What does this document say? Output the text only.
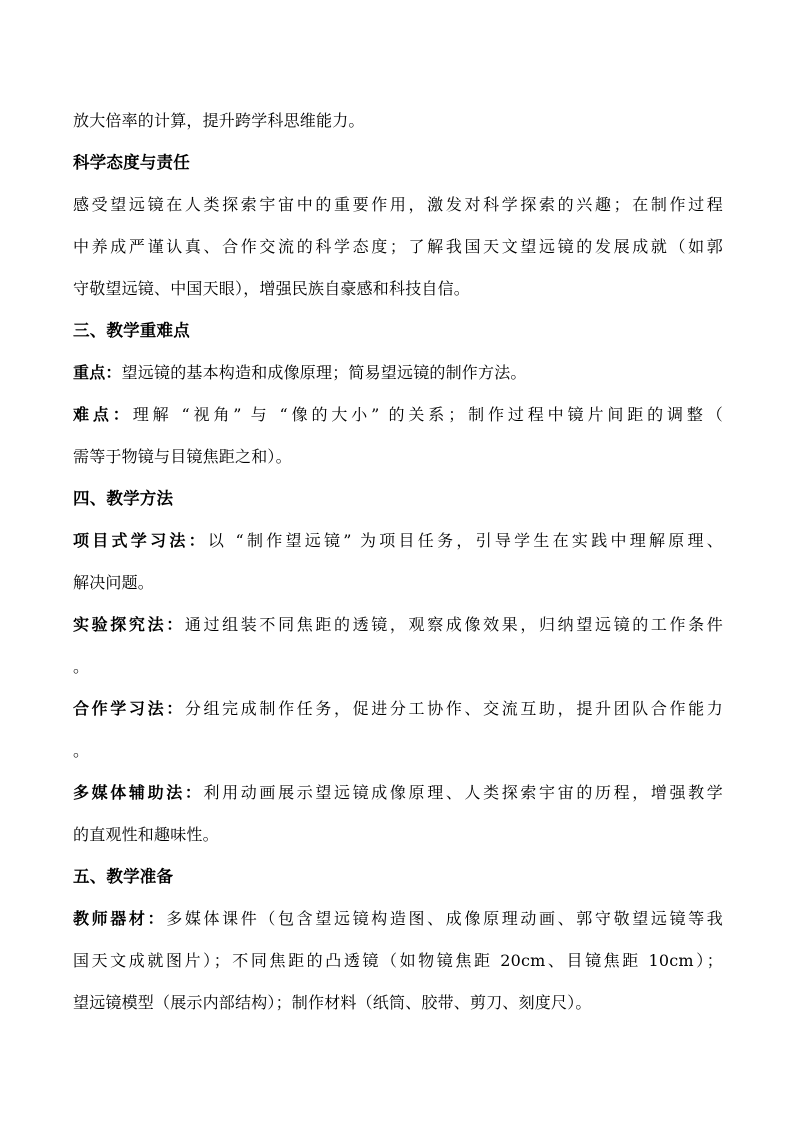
放大倍率的计算，提升跨学科思维能力。
科学态度与责任
感受望远镜在人类探索宇宙中的重要作用，激发对科学探索的兴趣；在制作过程
中养成严谨认真、合作交流的科学态度；了解我国天文望远镜的发展成就（如郭
守敬望远镜、中国天眼），增强民族自豪感和科技自信。
三、教学重难点
重点：望远镜的基本构造和成像原理；简易望远镜的制作方法。
难点：理解 “视角” 与 “像的大小” 的关系；制作过程中镜片间距的调整（
需等于物镜与目镜焦距之和）。
四、教学方法
项目式学习法：以 “制作望远镜” 为项目任务，引导学生在实践中理解原理、
解决问题。
实验探究法：通过组装不同焦距的透镜，观察成像效果，归纳望远镜的工作条件
。
合作学习法：分组完成制作任务，促进分工协作、交流互助，提升团队合作能力
。
多媒体辅助法：利用动画展示望远镜成像原理、人类探索宇宙的历程，增强教学
的直观性和趣味性。
五、教学准备
教师器材：多媒体课件（包含望远镜构造图、成像原理动画、郭守敬望远镜等我
国天文成就图片）；不同焦距的凸透镜（如物镜焦距 20cm、目镜焦距 10cm）；
望远镜模型（展示内部结构）；制作材料（纸筒、胶带、剪刀、刻度尺）。
